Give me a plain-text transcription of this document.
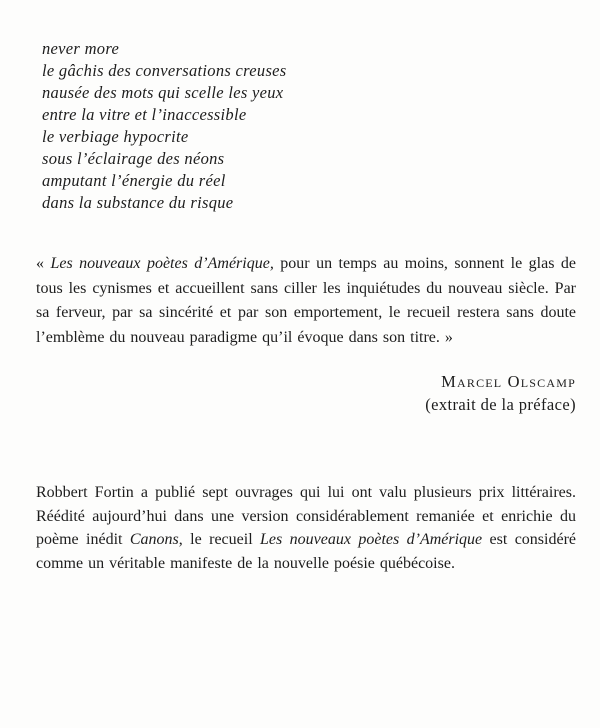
never more
le gâchis des conversations creuses
nausée des mots qui scelle les yeux
entre la vitre et l’inaccessible
le verbiage hypocrite
sous l’éclairage des néons
amputant l’énergie du réel
dans la substance du risque

« Les nouveaux poètes d’Amérique, pour un temps au moins, sonnent le glas de tous les cynismes et accueillent sans ciller les inquiétudes du nouveau siècle. Par sa ferveur, par sa sincérité et par son emportement, le recueil restera sans doute l’emblème du nouveau paradigme qu’il évoque dans son titre. »

Marcel Olscamp
(extrait de la préface)

Robbert Fortin a publié sept ouvrages qui lui ont valu plusieurs prix littéraires. Réédité aujourd’hui dans une version considérablement remaniée et enrichie du poème inédit Canons, le recueil Les nouveaux poètes d’Amérique est considéré comme un véritable manifeste de la nouvelle poésie québécoise.
